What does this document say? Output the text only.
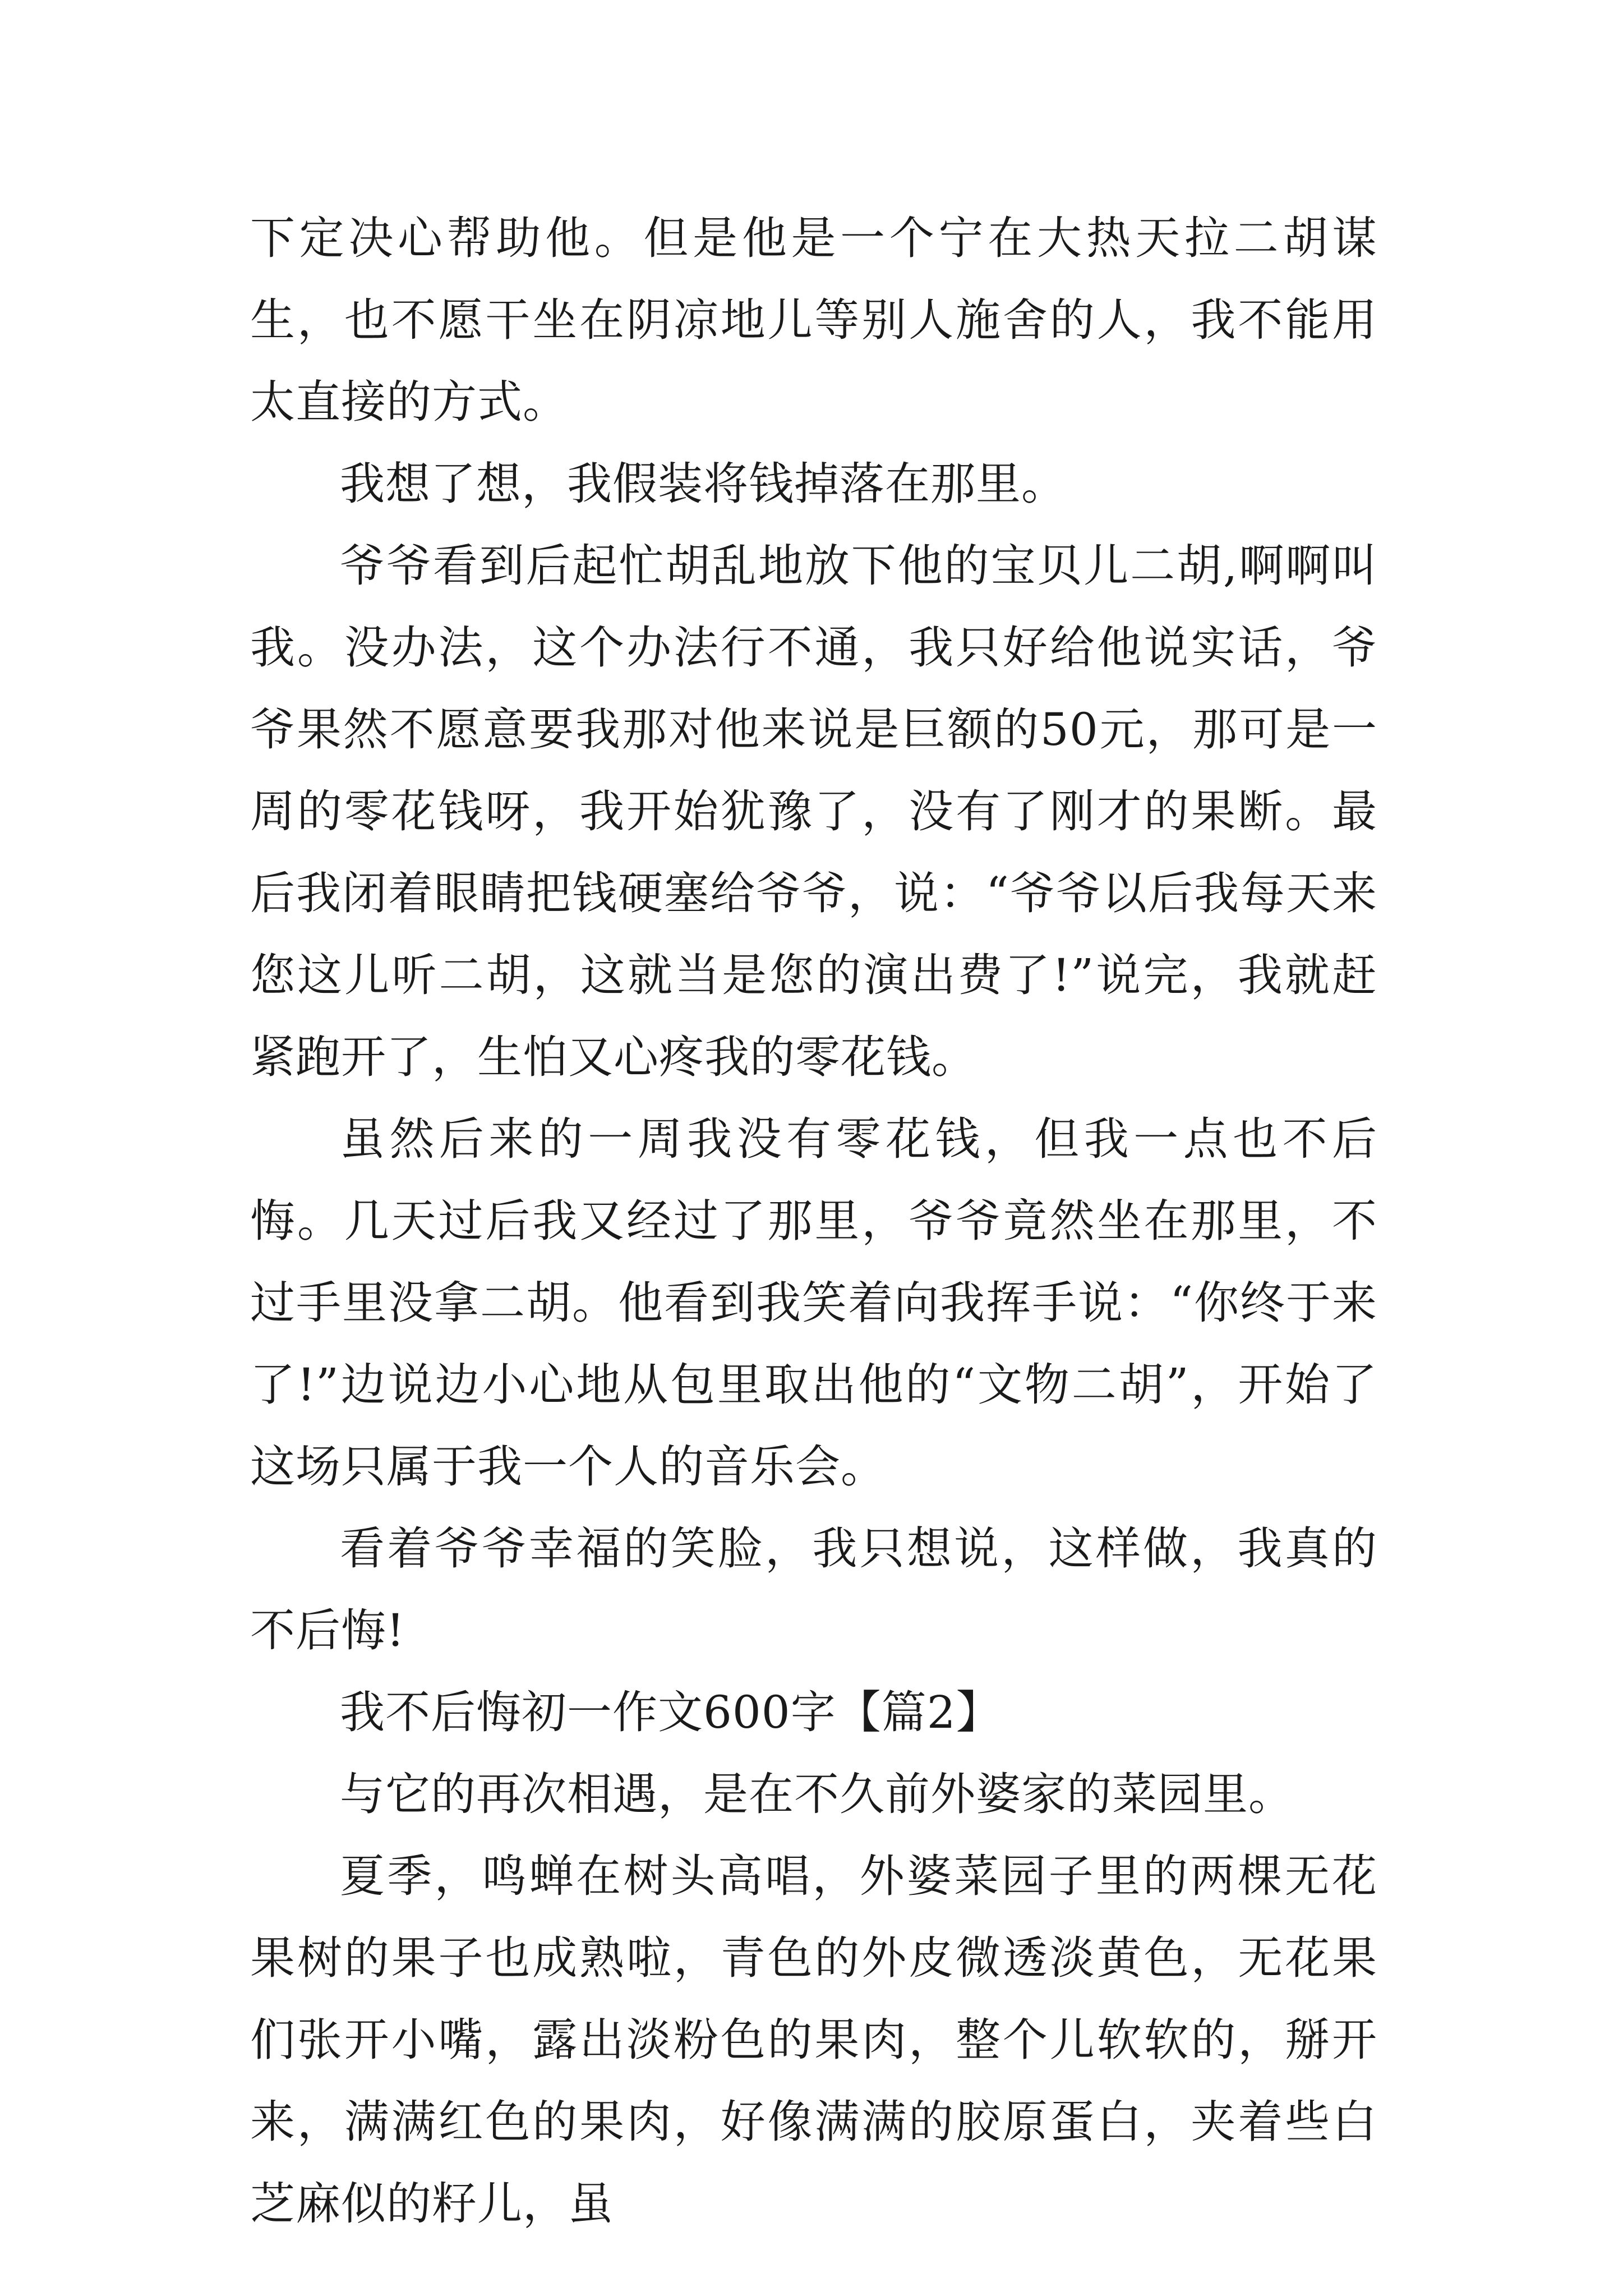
下定决心帮助他。但是他是一个宁在大热天拉二胡谋生，也不愿干坐在阴凉地儿等别人施舍的人，我不能用太直接的方式。

我想了想，我假装将钱掉落在那里。

爷爷看到后起忙胡乱地放下他的宝贝儿二胡,啊啊叫我。没办法，这个办法行不通，我只好给他说实话，爷爷果然不愿意要我那对他来说是巨额的50元，那可是一周的零花钱呀，我开始犹豫了，没有了刚才的果断。最后我闭着眼睛把钱硬塞给爷爷，说：“爷爷以后我每天来您这儿听二胡，这就当是您的演出费了!”说完，我就赶紧跑开了，生怕又心疼我的零花钱。

虽然后来的一周我没有零花钱，但我一点也不后悔。几天过后我又经过了那里，爷爷竟然坐在那里，不过手里没拿二胡。他看到我笑着向我挥手说：“你终于来了!”边说边小心地从包里取出他的“文物二胡”，开始了这场只属于我一个人的音乐会。

看着爷爷幸福的笑脸，我只想说，这样做，我真的不后悔!

我不后悔初一作文600字【篇2】

与它的再次相遇，是在不久前外婆家的菜园里。

夏季，鸣蝉在树头高唱，外婆菜园子里的两棵无花果树的果子也成熟啦，青色的外皮微透淡黄色，无花果们张开小嘴，露出淡粉色的果肉，整个儿软软的，掰开来，满满红色的果肉，好像满满的胶原蛋白，夹着些白芝麻似的籽儿，虽
